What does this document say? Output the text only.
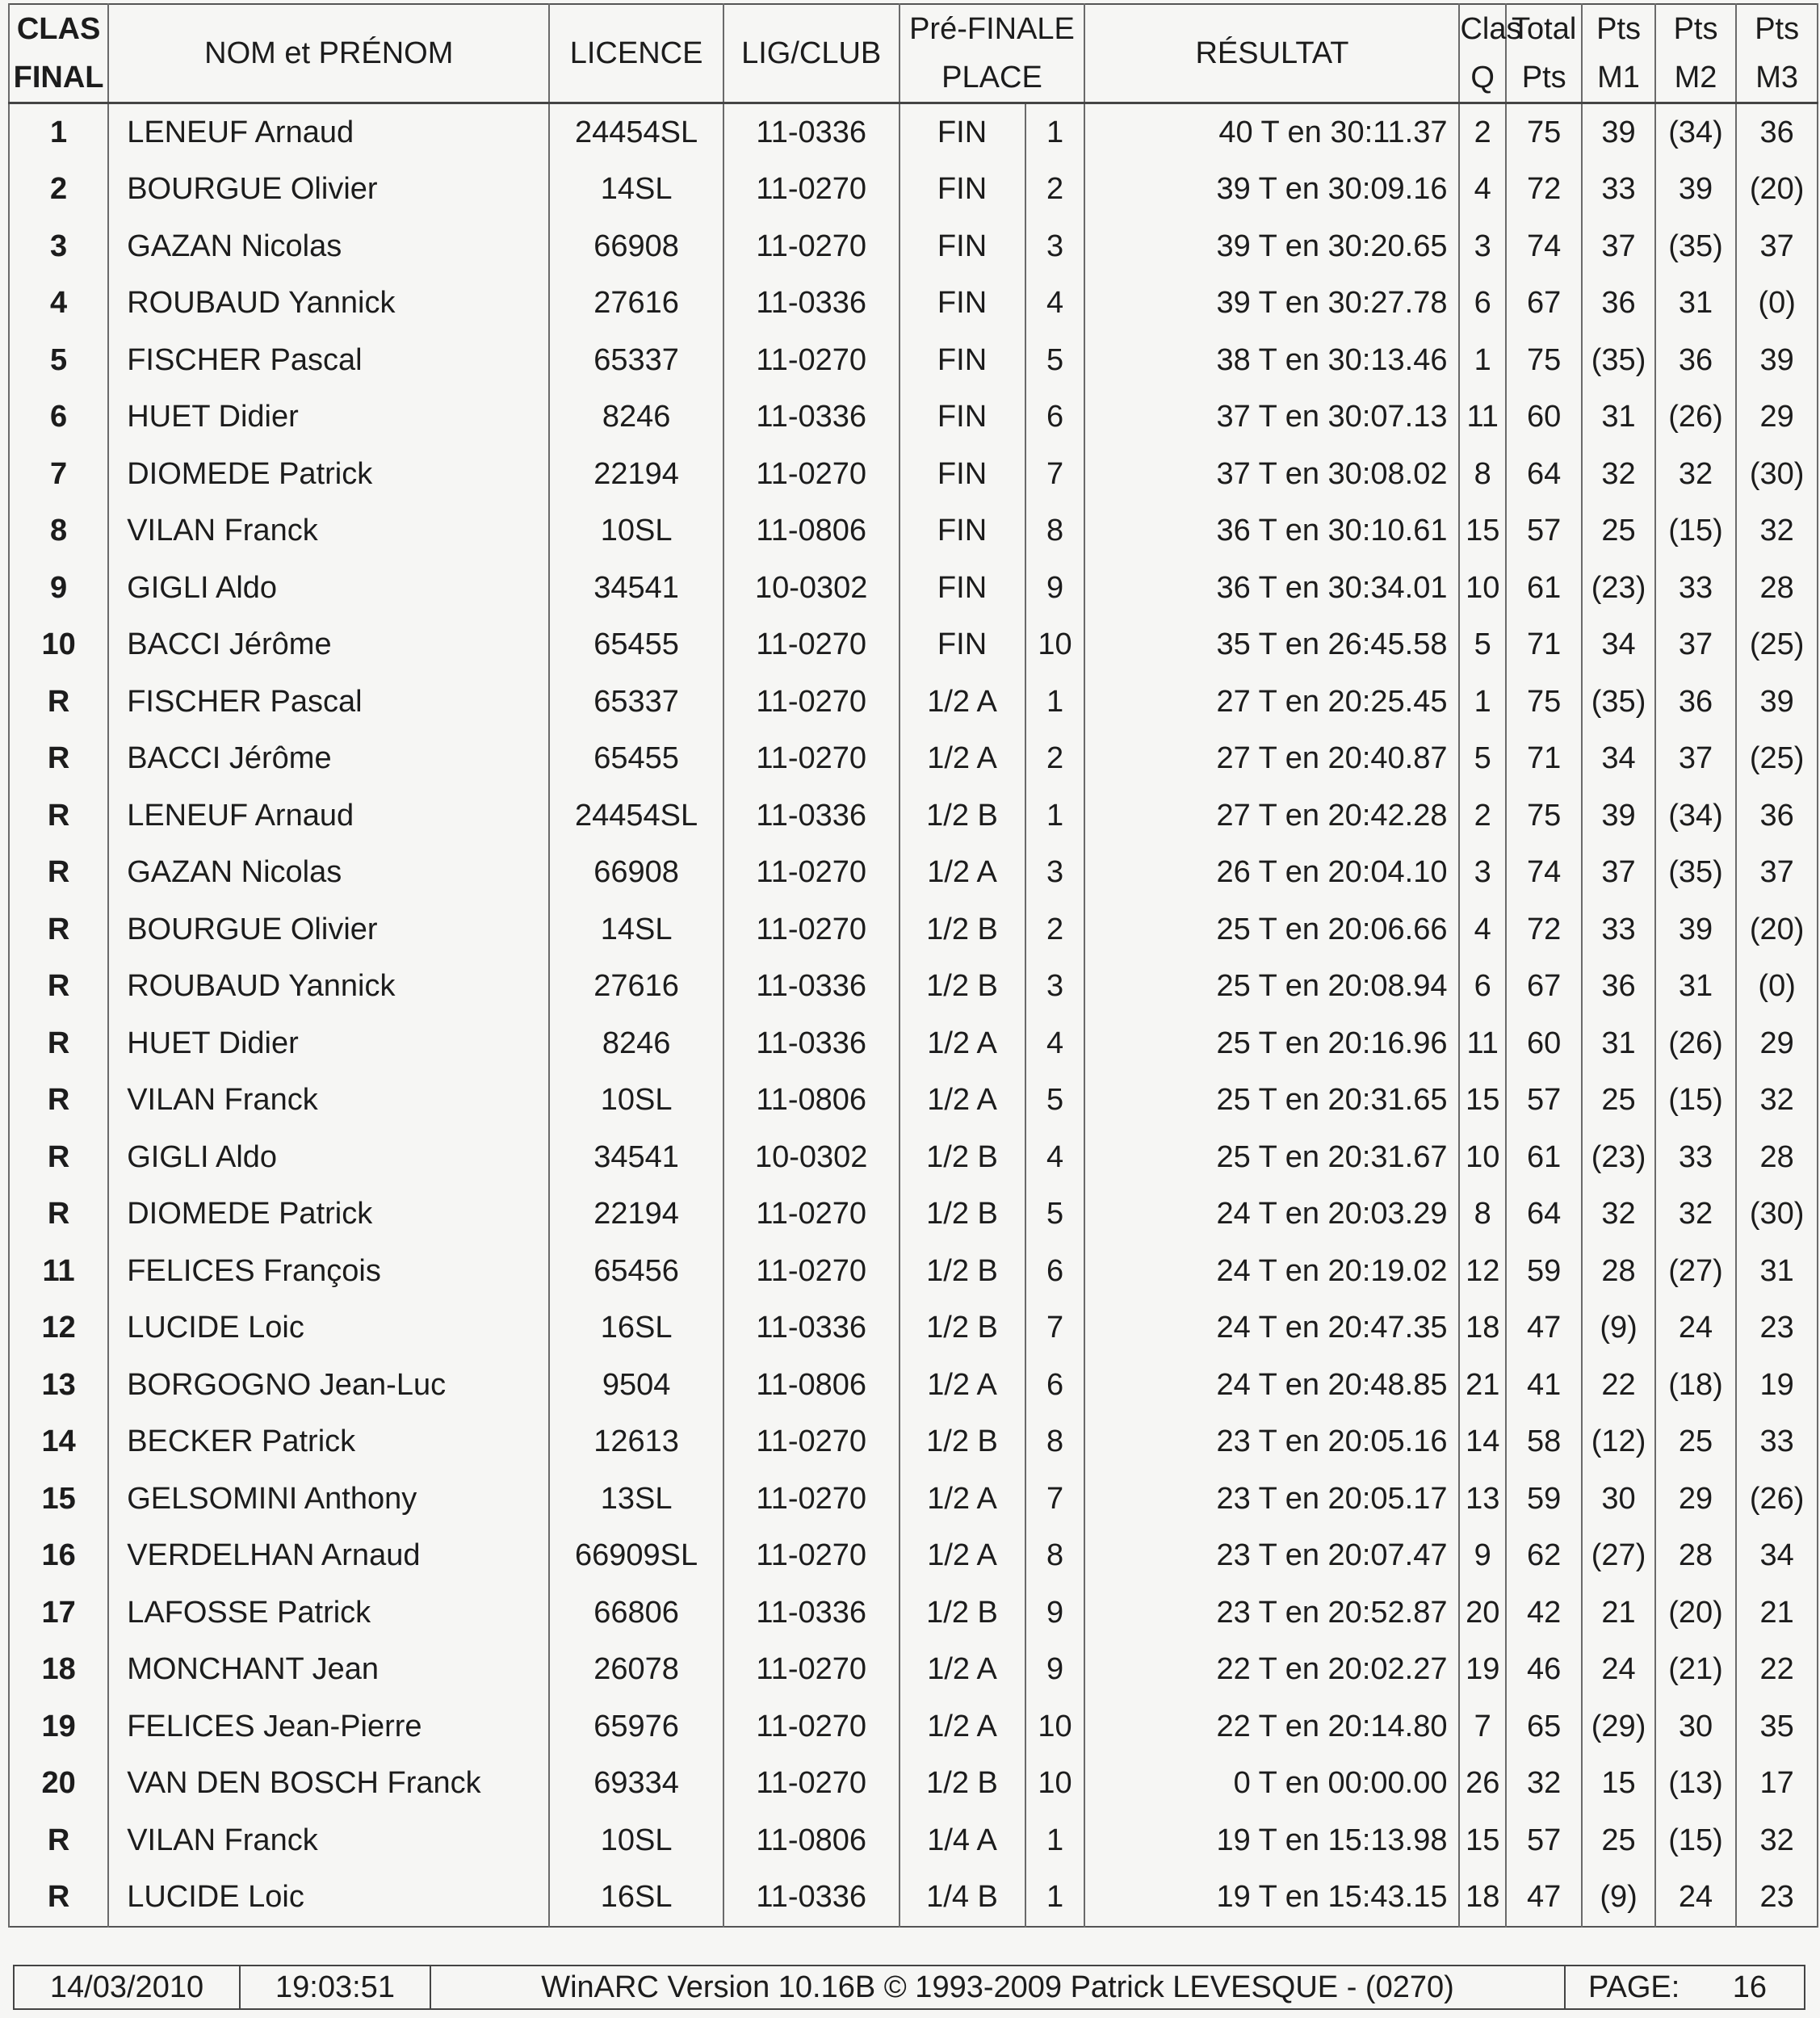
CLAS	NOM et PRÉNOM	LICENCE	LIG/CLUB	Pré-FINALE		RÉSULTAT	Clas	Total	Pts	Pts	Pts
FINAL				PLACE			Q	Pts	M1	M2	M3
1	LENEUF Arnaud	24454SL	11-0336	FIN	1	40 T en 30:11.37	2	75	39	(34)	36
2	BOURGUE Olivier	14SL	11-0270	FIN	2	39 T en 30:09.16	4	72	33	39	(20)
3	GAZAN Nicolas	66908	11-0270	FIN	3	39 T en 30:20.65	3	74	37	(35)	37
4	ROUBAUD Yannick	27616	11-0336	FIN	4	39 T en 30:27.78	6	67	36	31	(0)
5	FISCHER Pascal	65337	11-0270	FIN	5	38 T en 30:13.46	1	75	(35)	36	39
6	HUET Didier	8246	11-0336	FIN	6	37 T en 30:07.13	11	60	31	(26)	29
7	DIOMEDE Patrick	22194	11-0270	FIN	7	37 T en 30:08.02	8	64	32	32	(30)
8	VILAN Franck	10SL	11-0806	FIN	8	36 T en 30:10.61	15	57	25	(15)	32
9	GIGLI Aldo	34541	10-0302	FIN	9	36 T en 30:34.01	10	61	(23)	33	28
10	BACCI Jérôme	65455	11-0270	FIN	10	35 T en 26:45.58	5	71	34	37	(25)
R	FISCHER Pascal	65337	11-0270	1/2 A	1	27 T en 20:25.45	1	75	(35)	36	39
R	BACCI Jérôme	65455	11-0270	1/2 A	2	27 T en 20:40.87	5	71	34	37	(25)
R	LENEUF Arnaud	24454SL	11-0336	1/2 B	1	27 T en 20:42.28	2	75	39	(34)	36
R	GAZAN Nicolas	66908	11-0270	1/2 A	3	26 T en 20:04.10	3	74	37	(35)	37
R	BOURGUE Olivier	14SL	11-0270	1/2 B	2	25 T en 20:06.66	4	72	33	39	(20)
R	ROUBAUD Yannick	27616	11-0336	1/2 B	3	25 T en 20:08.94	6	67	36	31	(0)
R	HUET Didier	8246	11-0336	1/2 A	4	25 T en 20:16.96	11	60	31	(26)	29
R	VILAN Franck	10SL	11-0806	1/2 A	5	25 T en 20:31.65	15	57	25	(15)	32
R	GIGLI Aldo	34541	10-0302	1/2 B	4	25 T en 20:31.67	10	61	(23)	33	28
R	DIOMEDE Patrick	22194	11-0270	1/2 B	5	24 T en 20:03.29	8	64	32	32	(30)
11	FELICES François	65456	11-0270	1/2 B	6	24 T en 20:19.02	12	59	28	(27)	31
12	LUCIDE Loic	16SL	11-0336	1/2 B	7	24 T en 20:47.35	18	47	(9)	24	23
13	BORGOGNO Jean-Luc	9504	11-0806	1/2 A	6	24 T en 20:48.85	21	41	22	(18)	19
14	BECKER Patrick	12613	11-0270	1/2 B	8	23 T en 20:05.16	14	58	(12)	25	33
15	GELSOMINI Anthony	13SL	11-0270	1/2 A	7	23 T en 20:05.17	13	59	30	29	(26)
16	VERDELHAN Arnaud	66909SL	11-0270	1/2 A	8	23 T en 20:07.47	9	62	(27)	28	34
17	LAFOSSE Patrick	66806	11-0336	1/2 B	9	23 T en 20:52.87	20	42	21	(20)	21
18	MONCHANT Jean	26078	11-0270	1/2 A	9	22 T en 20:02.27	19	46	24	(21)	22
19	FELICES Jean-Pierre	65976	11-0270	1/2 A	10	22 T en 20:14.80	7	65	(29)	30	35
20	VAN DEN BOSCH Franck	69334	11-0270	1/2 B	10	0 T en 00:00.00	26	32	15	(13)	17
R	VILAN Franck	10SL	11-0806	1/4 A	1	19 T en 15:13.98	15	57	25	(15)	32
R	LUCIDE Loic	16SL	11-0336	1/4 B	1	19 T en 15:43.15	18	47	(9)	24	23
14/03/2010	19:03:51	WinARC Version 10.16B © 1993-2009 Patrick LEVESQUE - (0270)	PAGE: 16
